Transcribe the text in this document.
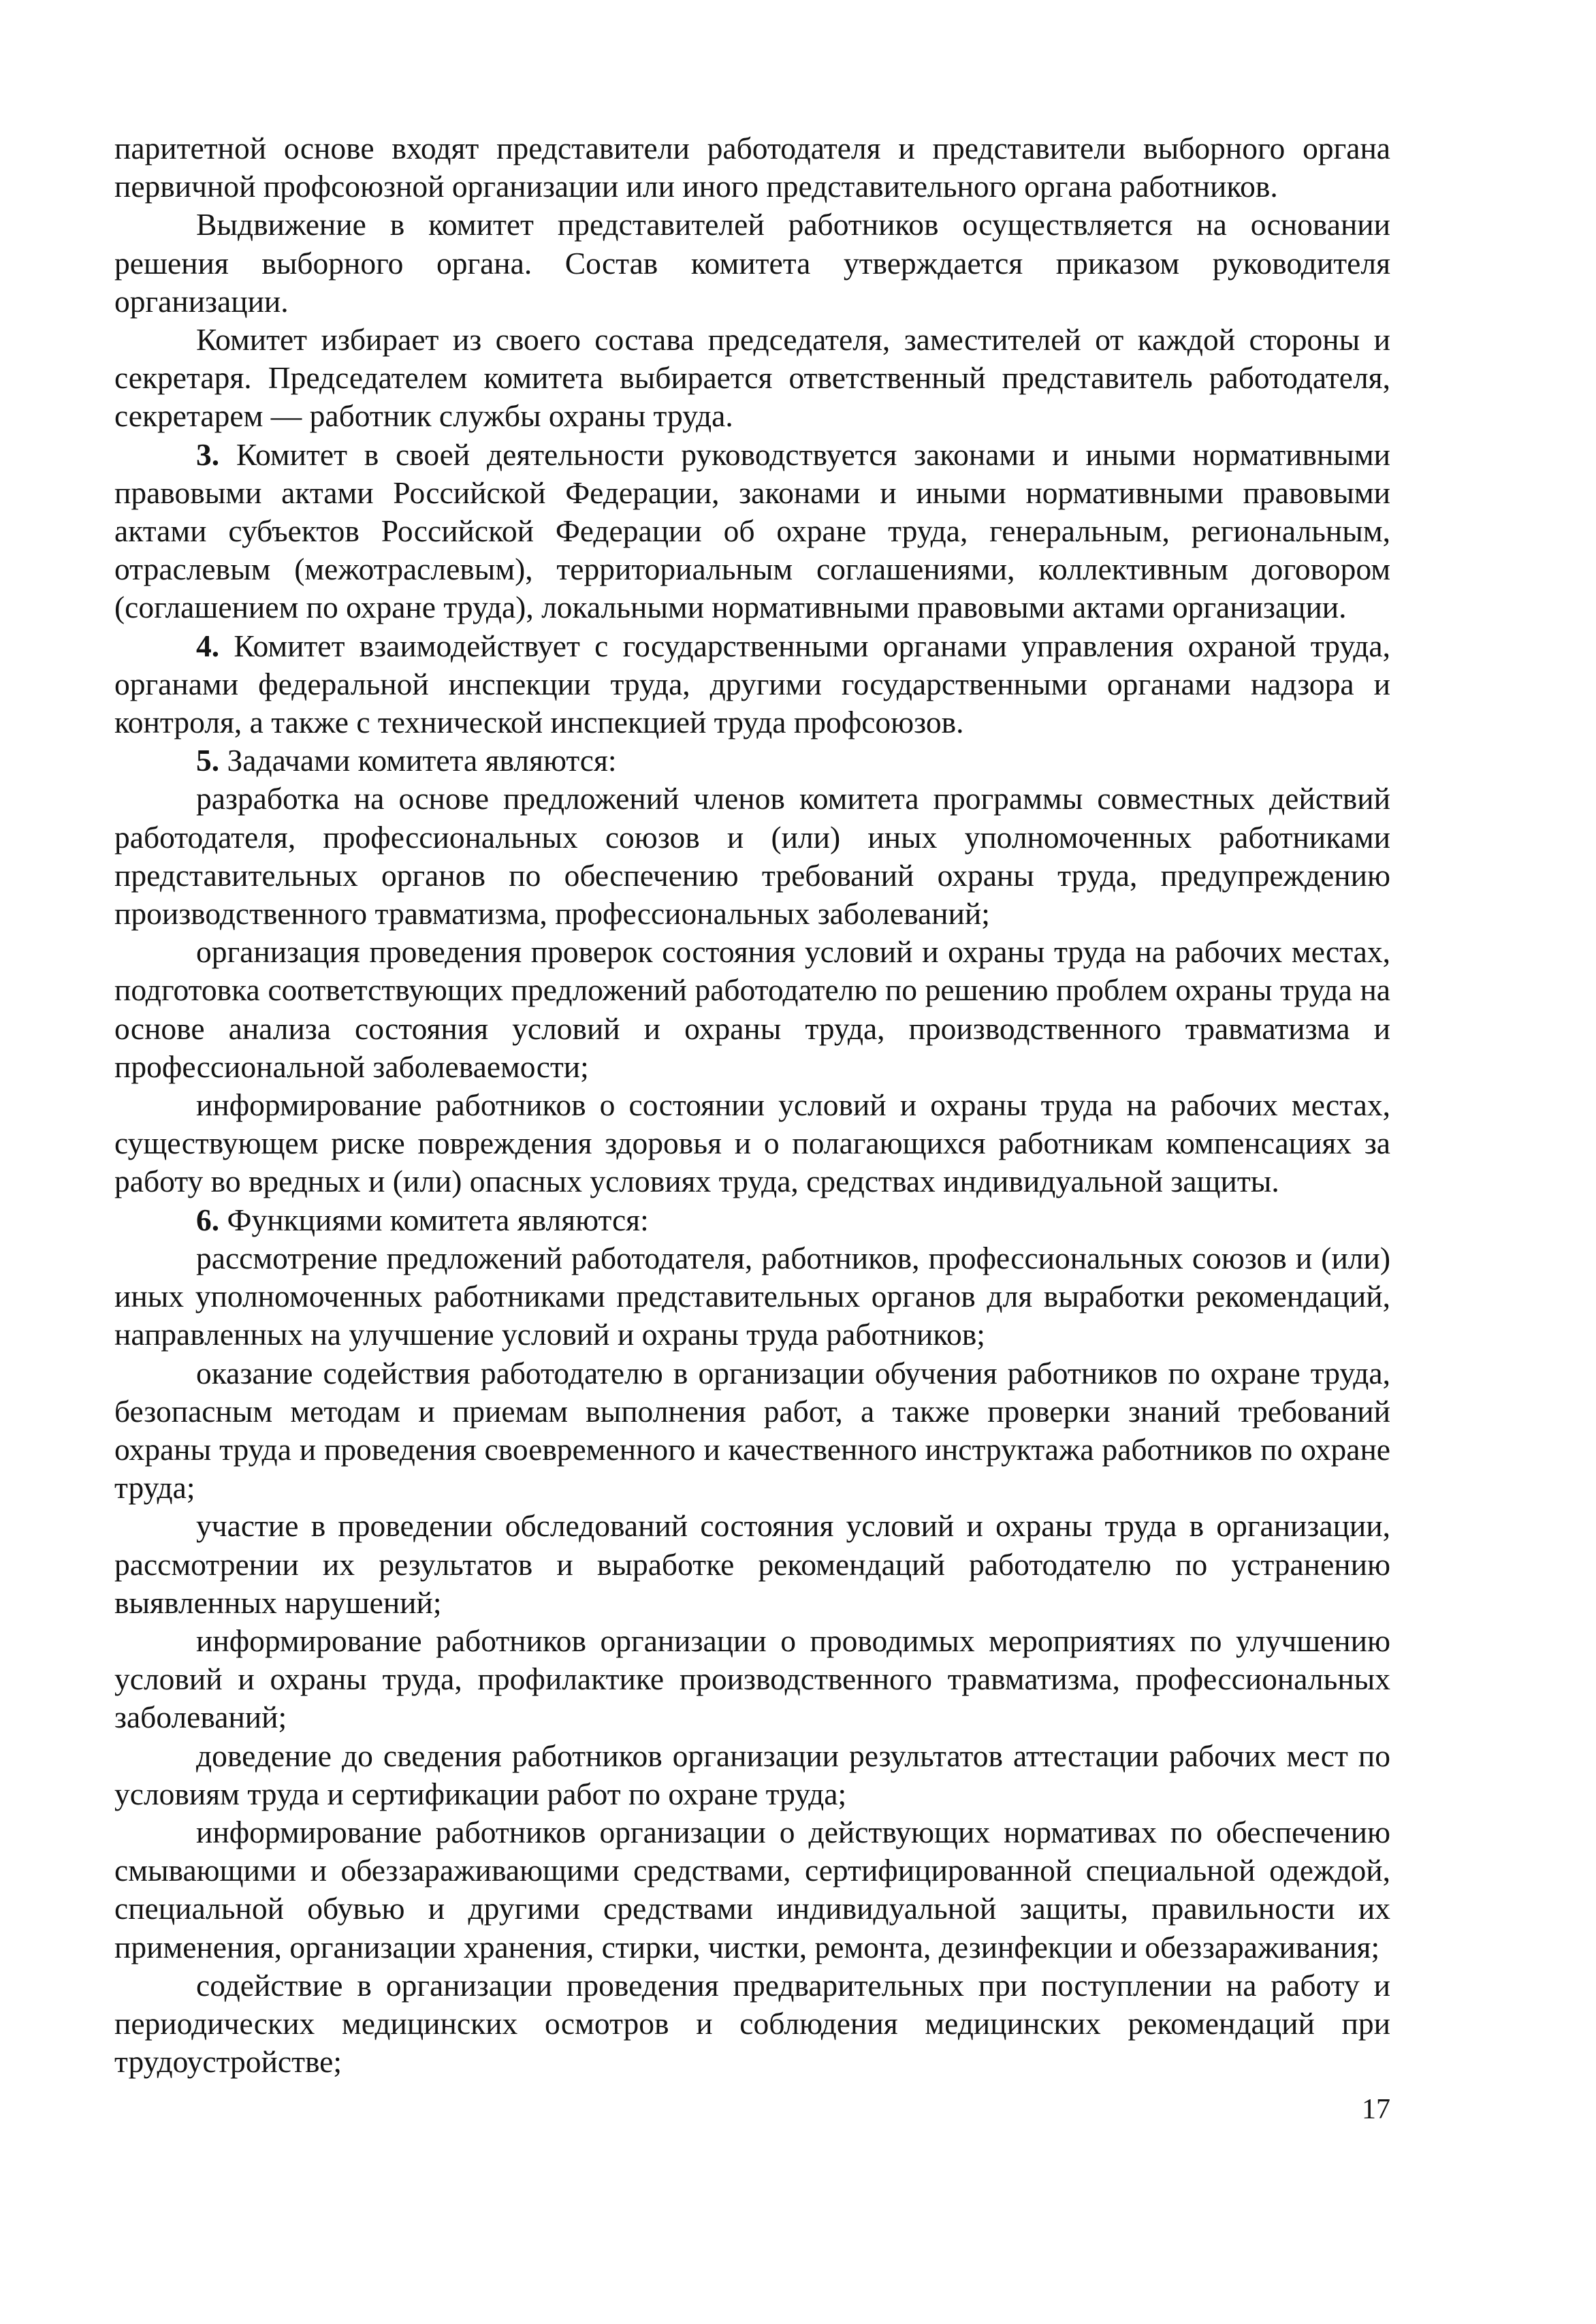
паритетной основе входят представители работодателя и представители выборного органа первичной профсоюзной организации или иного представительного органа работников.

Выдвижение в комитет представителей работников осуществляется на основании решения выборного органа. Состав комитета утверждается приказом руководителя организации.

Комитет избирает из своего состава председателя, заместителей от каждой стороны и секретаря. Председателем комитета выбирается ответственный представитель работодателя, секретарем — работник службы охраны труда.

3. Комитет в своей деятельности руководствуется законами и иными нормативными правовыми актами Российской Федерации, законами и иными нормативными правовыми актами субъектов Российской Федерации об охране труда, генеральным, региональным, отраслевым (межотраслевым), территориальным соглашениями, коллективным договором (соглашением по охране труда), локальными нормативными правовыми актами организации.

4. Комитет взаимодействует с государственными органами управления охраной труда, органами федеральной инспекции труда, другими государственными органами надзора и контроля, а также с технической инспекцией труда профсоюзов.

5. Задачами комитета являются:

разработка на основе предложений членов комитета программы совместных действий работодателя, профессиональных союзов и (или) иных уполномоченных работниками представительных органов по обеспечению требований охраны труда, предупреждению производственного травматизма, профессиональных заболеваний;

организация проведения проверок состояния условий и охраны труда на рабочих местах, подготовка соответствующих предложений работодателю по решению проблем охраны труда на основе анализа состояния условий и охраны труда, производственного травматизма и профессиональной заболеваемости;

информирование работников о состоянии условий и охраны труда на рабочих местах, существующем риске повреждения здоровья и о полагающихся работникам компенсациях за работу во вредных и (или) опасных условиях труда, средствах индивидуальной защиты.

6. Функциями комитета являются:

рассмотрение предложений работодателя, работников, профессиональных союзов и (или) иных уполномоченных работниками представительных органов для выработки рекомендаций, направленных на улучшение условий и охраны труда работников;

оказание содействия работодателю в организации обучения работников по охране труда, безопасным методам и приемам выполнения работ, а также проверки знаний требований охраны труда и проведения своевременного и качественного инструктажа работников по охране труда;

участие в проведении обследований состояния условий и охраны труда в организации, рассмотрении их результатов и выработке рекомендаций работодателю по устранению выявленных нарушений;

информирование работников организации о проводимых мероприятиях по улучшению условий и охраны труда, профилактике производственного травматизма, профессиональных заболеваний;

доведение до сведения работников организации результатов аттестации рабочих мест по условиям труда и сертификации работ по охране труда;

информирование работников организации о действующих нормативах по обеспечению смывающими и обеззараживающими средствами, сертифицированной специальной одеждой, специальной обувью и другими средствами индивидуальной защиты, правильности их применения, организации хранения, стирки, чистки, ремонта, дезинфекции и обеззараживания;

содействие в организации проведения предварительных при поступлении на работу и периодических медицинских осмотров и соблюдения медицинских рекомендаций при трудоустройстве;

17
